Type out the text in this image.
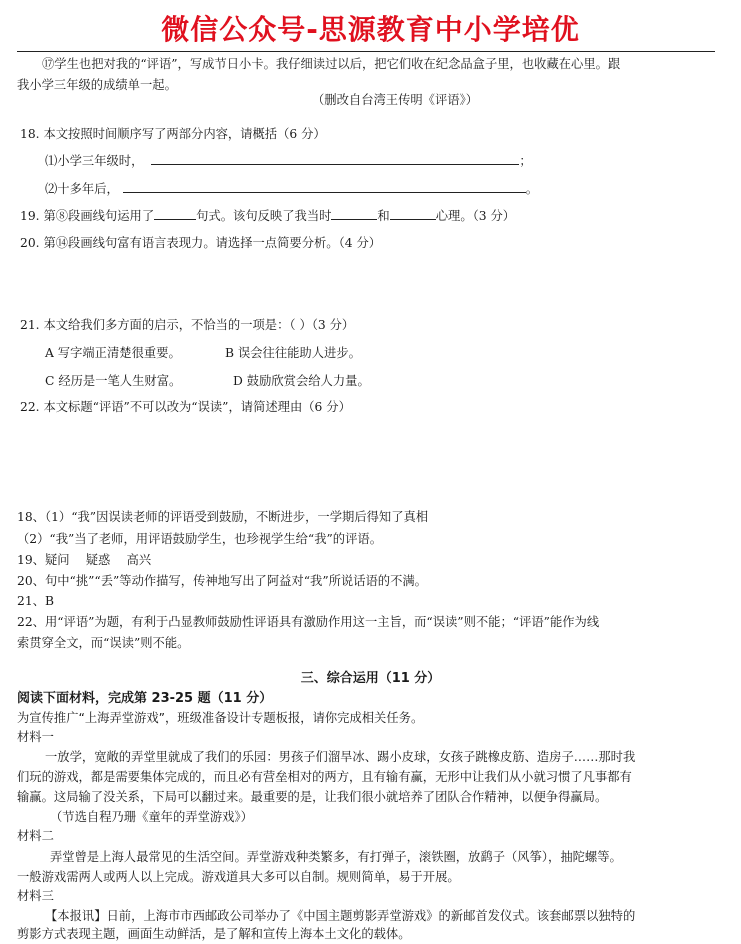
微信公众号-思源教育中小学培优
⑰学生也把对我的“评语”，写成节日小卡。我仔细读过以后，把它们收在纪念品盒子里，也收藏在心里。跟
我小学三年级的成绩单一起。
（删改自台湾王传明《评语》）
18. 本文按照时间顺序写了两部分内容，请概括（6 分）
⑴小学三年级时，	；
⑵十多年后，	。
19. 第⑧段画线句运用了	句式。该句反映了我当时	和	心理。（3 分）
20. 第⑭段画线句富有语言表现力。请选择一点简要分析。（4 分）
21. 本文给我们多方面的启示，不恰当的一项是：（ ）（3 分）
A 写字端正清楚很重要。	B 误会往往能助人进步。
C 经历是一笔人生财富。	D 鼓励欣赏会给人力量。
22. 本文标题“评语”不可以改为“误读”，请简述理由（6 分）
18、（1）“我”因误读老师的评语受到鼓励，不断进步，一学期后得知了真相
（2）“我”当了老师，用评语鼓励学生，也珍视学生给“我”的评语。
19、疑问　 疑惑　 高兴
20、句中“挑”“丢”等动作描写，传神地写出了阿益对“我”所说话语的不满。
21、B
22、用“评语”为题，有利于凸显教师鼓励性评语具有激励作用这一主旨，而“误读”则不能；“评语”能作为线
索贯穿全文，而“误读”则不能。
三、综合运用（11 分）
阅读下面材料，完成第 23-25 题（11 分）
为宣传推广“上海弄堂游戏”，班级准备设计专题板报，请你完成相关任务。
材料一
一放学，宽敞的弄堂里就成了我们的乐园：男孩子们溜旱冰、踢小皮球，女孩子跳橡皮筋、造房子……那时我
们玩的游戏，都是需要集体完成的，而且必有营垒相对的两方，且有输有赢，无形中让我们从小就习惯了凡事都有
输赢。这局输了没关系，下局可以翻过来。最重要的是，让我们很小就培养了团队合作精神，以便争得赢局。
（节选自程乃珊《童年的弄堂游戏》）
材料二
弄堂曾是上海人最常见的生活空间。弄堂游戏种类繁多，有打弹子，滚铁圈，放鹞子（风筝），抽陀螺等。
一般游戏需两人或两人以上完成。游戏道具大多可以自制。规则简单，易于开展。
材料三
【本报讯】日前，上海市市西邮政公司举办了《中国主题剪影弄堂游戏》的新邮首发仪式。该套邮票以独特的
剪影方式表现主题，画面生动鲜活，是了解和宣传上海本土文化的载体。
